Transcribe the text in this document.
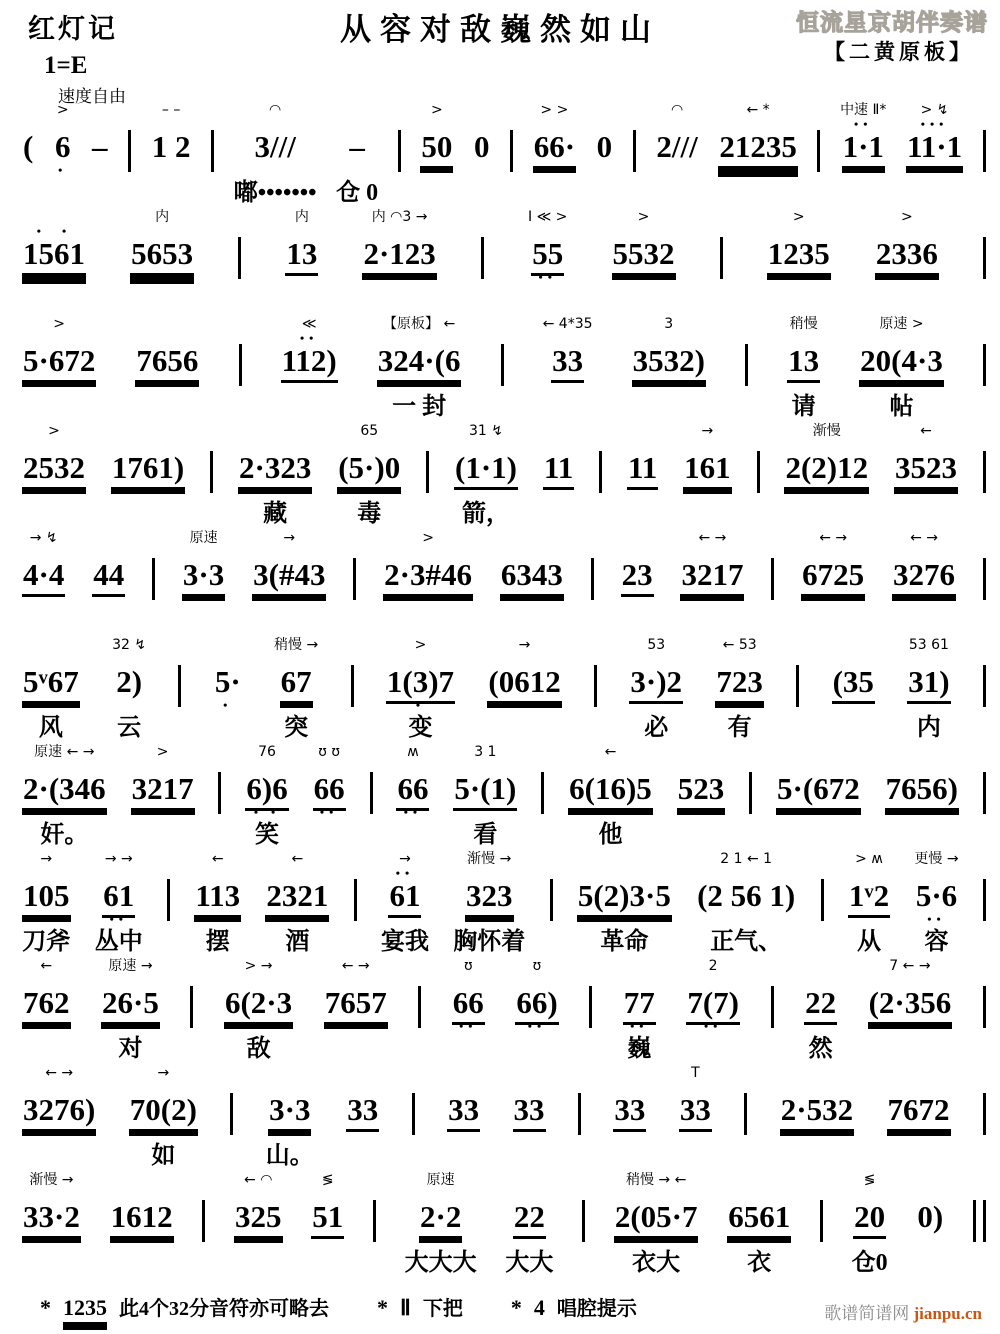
红灯记	从容对敌巍然如山	恒流星京胡伴奏谱
【二黄原板】
1=E
速度自由
(
>
6
•
–
– –
1 2
◠
3///
嘟•••••••
–
仓 0
>
50 0
> >
66· 0
◠
2///
← *
21235
中速 Ⅱ*
••
1·1
> ↯
•••
11·1
•  •
1561
内
5653
内
13
内 ◠3 →
2·123
I ≪ >
55
••
>
5532
•
>
1235
>
2336
•
>
5·672
• •
7656
••••
≪
••
112)
【原板】 ←
324·(6
一 封
← 4*35
33
3
3532)
稍慢
13
请
原速 >
20(4·3
帖
>
2532 1761)
••
2·323
藏
65
(5·)0
毒
31 ↯
(1·1)
箭，
11 11
→
161
•
渐慢
2(2)12
←
3523
→ ↯
4·4 44
原速
3·3
→
3(#43
>
2·3#46 6343 23
← →
3217
•
← →
6725
•• •
← →
3276
••
5ᵛ67
• ••
风
32 ↯
2)
云
5·
•
稍慢 →
67
••
突
>
1(3)7
•
变
→
(0612
•
53
3·)2
必
← 53
723
有
(35
53 61
31)
内
原速 ← →
2·(346
奸。
>
3217
•
76
6)6
• •
笑
ʊ ʊ
66
••
ʍ
66
••
3 1
5·(1)
看
←
6(16)5
• ••
他
523 5·(672
• •
7656)
••••
→
105
•
刀斧
→ →
61
••
丛中
←
113
摆
←
2321
酒
→
••
61
宴我
渐慢 →
323
胸怀着
5(2)3·5
革命
2 1 ← 1
(2 56 1)
正气、
> ʍ
1ᵛ2
从
更慢 →
5·6
••
容
←
762
••
原速 →
26·5
• •
对
> →
6(2·3
•
敌
← →
7657
••••
ʊ
66
••
ʊ
66)
••
77
••
巍
2
7(7)
••
22
然
7 ← →
(2·356
← →
3276)
••
→
70(2)
•
如
3·3
山。
33 33 33 33
T
33 2·532 7672
•••
渐慢 →
33·2 1612
•
← ◠
325
≶
51
原速
2·2
大大大
22
大大
稍慢 → ←
2(05·7
• •
衣大
6561
•••
衣
≶
20
仓0
0)
* 1235 此4个32分音符亦可略去 * Ⅱ 下把 * 4 唱腔提示	歌谱简谱网 jianpu.cn
